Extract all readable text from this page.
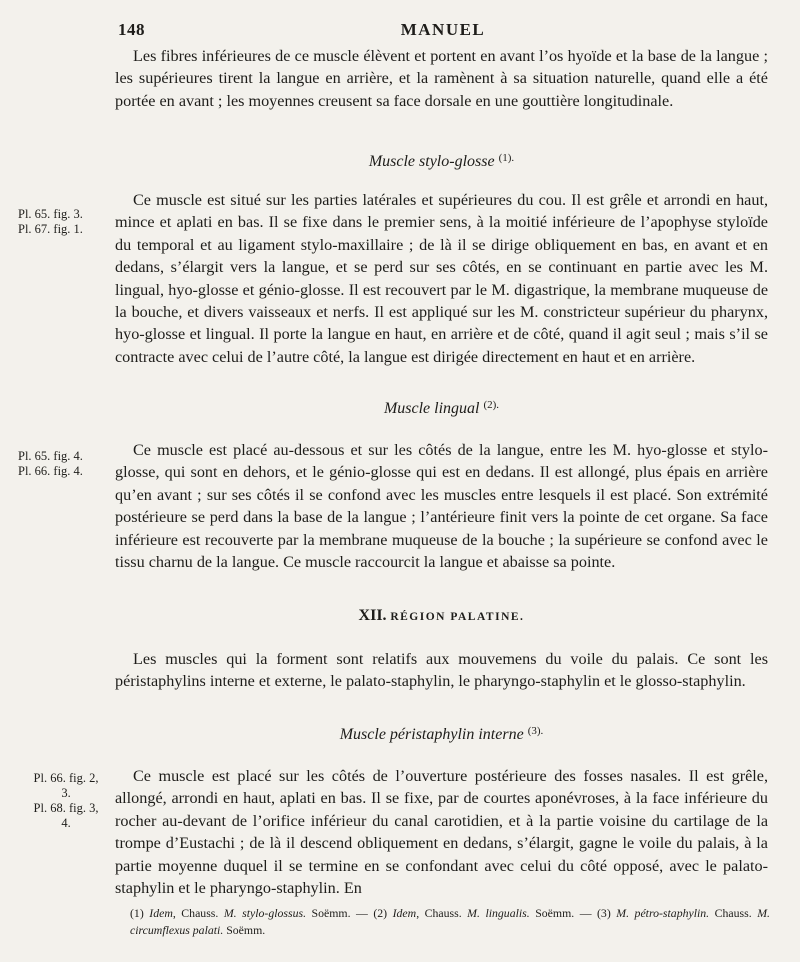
148	MANUEL

Les fibres inférieures de ce muscle élèvent et portent en avant l’os hyoïde et la base de la langue ; les supérieures tirent la langue en arrière, et la ramènent à sa situation naturelle, quand elle a été portée en avant ; les moyennes creusent sa face dorsale en une gouttière longitudinale.

Muscle stylo-glosse $^{(1).}$
Pl. 65. fig. 3.
Pl. 67. fig. 1.

Ce muscle est situé sur les parties latérales et supérieures du cou. Il est grêle et arrondi en haut, mince et aplati en bas. Il se fixe dans le premier sens, à la moitié inférieure de l’apophyse styloïde du temporal et au ligament stylo-maxillaire ; de là il se dirige obliquement en bas, en avant et en dedans, s’élargit vers la langue, et se perd sur ses côtés, en se continuant en partie avec les M. lingual, hyo-glosse et génio-glosse. Il est recouvert par le M. digastrique, la membrane muqueuse de la bouche, et divers vaisseaux et nerfs. Il est appliqué sur les M. constricteur supérieur du pharynx, hyo-glosse et lingual. Il porte la langue en haut, en arrière et de côté, quand il agit seul ; mais s’il se contracte avec celui de l’autre côté, la langue est dirigée directement en haut et en arrière.

Muscle lingual $^{(2).}$
Pl. 65. fig. 4.
Pl. 66. fig. 4.

Ce muscle est placé au-dessous et sur les côtés de la langue, entre les M. hyo-glosse et stylo-glosse, qui sont en dehors, et le génio-glosse qui est en dedans. Il est allongé, plus épais en arrière qu’en avant ; sur ses côtés il se confond avec les muscles entre lesquels il est placé. Son extrémité postérieure se perd dans la base de la langue ; l’antérieure finit vers la pointe de cet organe. Sa face inférieure est recouverte par la membrane muqueuse de la bouche ; la supérieure se confond avec le tissu charnu de la langue. Ce muscle raccourcit la langue et abaisse sa pointe.

XII. RÉGION PALATINE.

Les muscles qui la forment sont relatifs aux mouvemens du voile du palais. Ce sont les péristaphylins interne et externe, le palato-staphylin, le pharyngo-staphylin et le glosso-staphylin.

Muscle péristaphylin interne $^{(3).}$
Pl. 66. fig. 2,
3.
Pl. 68. fig. 3,
4.

Ce muscle est placé sur les côtés de l’ouverture postérieure des fosses nasales. Il est grêle, allongé, arrondi en haut, aplati en bas. Il se fixe, par de courtes aponévroses, à la face inférieure du rocher au-devant de l’orifice inférieur du canal carotidien, et à la partie voisine du cartilage de la trompe d’Eustachi ; de là il descend obliquement en dedans, s’élargit, gagne le voile du palais, à la partie moyenne duquel il se termine en se confondant avec celui du côté opposé, avec le palato-staphylin et le pharyngo-staphylin. En

(1) Idem, Chauss. M. stylo-glossus. Soëmm. — (2) Idem, Chauss. M. lingualis. Soëmm. — (3) M. pétro-staphylin. Chauss. M. circumflexus palati. Soëmm.
